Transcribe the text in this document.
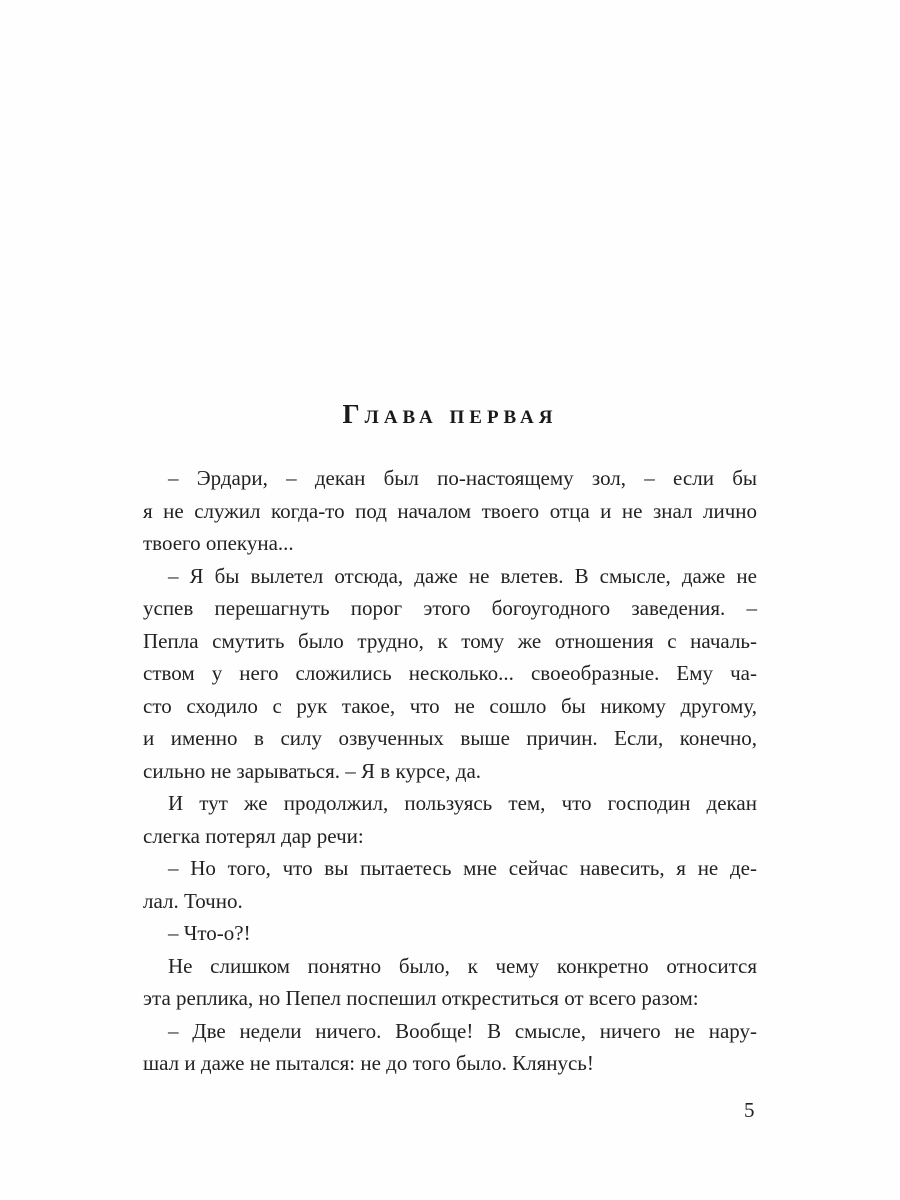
Глава первая
– Эрдари, – декан был по-настоящему зол, – если бы
я не служил когда-то под началом твоего отца и не знал лично
твоего опекуна...
– Я бы вылетел отсюда, даже не влетев. В смысле, даже не
успев перешагнуть порог этого богоугодного заведения. –
Пепла смутить было трудно, к тому же отношения с началь-
ством у него сложились несколько... своеобразные. Ему ча-
сто сходило с рук такое, что не сошло бы никому другому,
и именно в силу озвученных выше причин. Если, конечно,
сильно не зарываться. – Я в курсе, да.
И тут же продолжил, пользуясь тем, что господин декан
слегка потерял дар речи:
– Но того, что вы пытаетесь мне сейчас навесить, я не де-
лал. Точно.
– Что-о?!
Не слишком понятно было, к чему конкретно относится
эта реплика, но Пепел поспешил откреститься от всего разом:
– Две недели ничего. Вообще! В смысле, ничего не нару-
шал и даже не пытался: не до того было. Клянусь!
5
